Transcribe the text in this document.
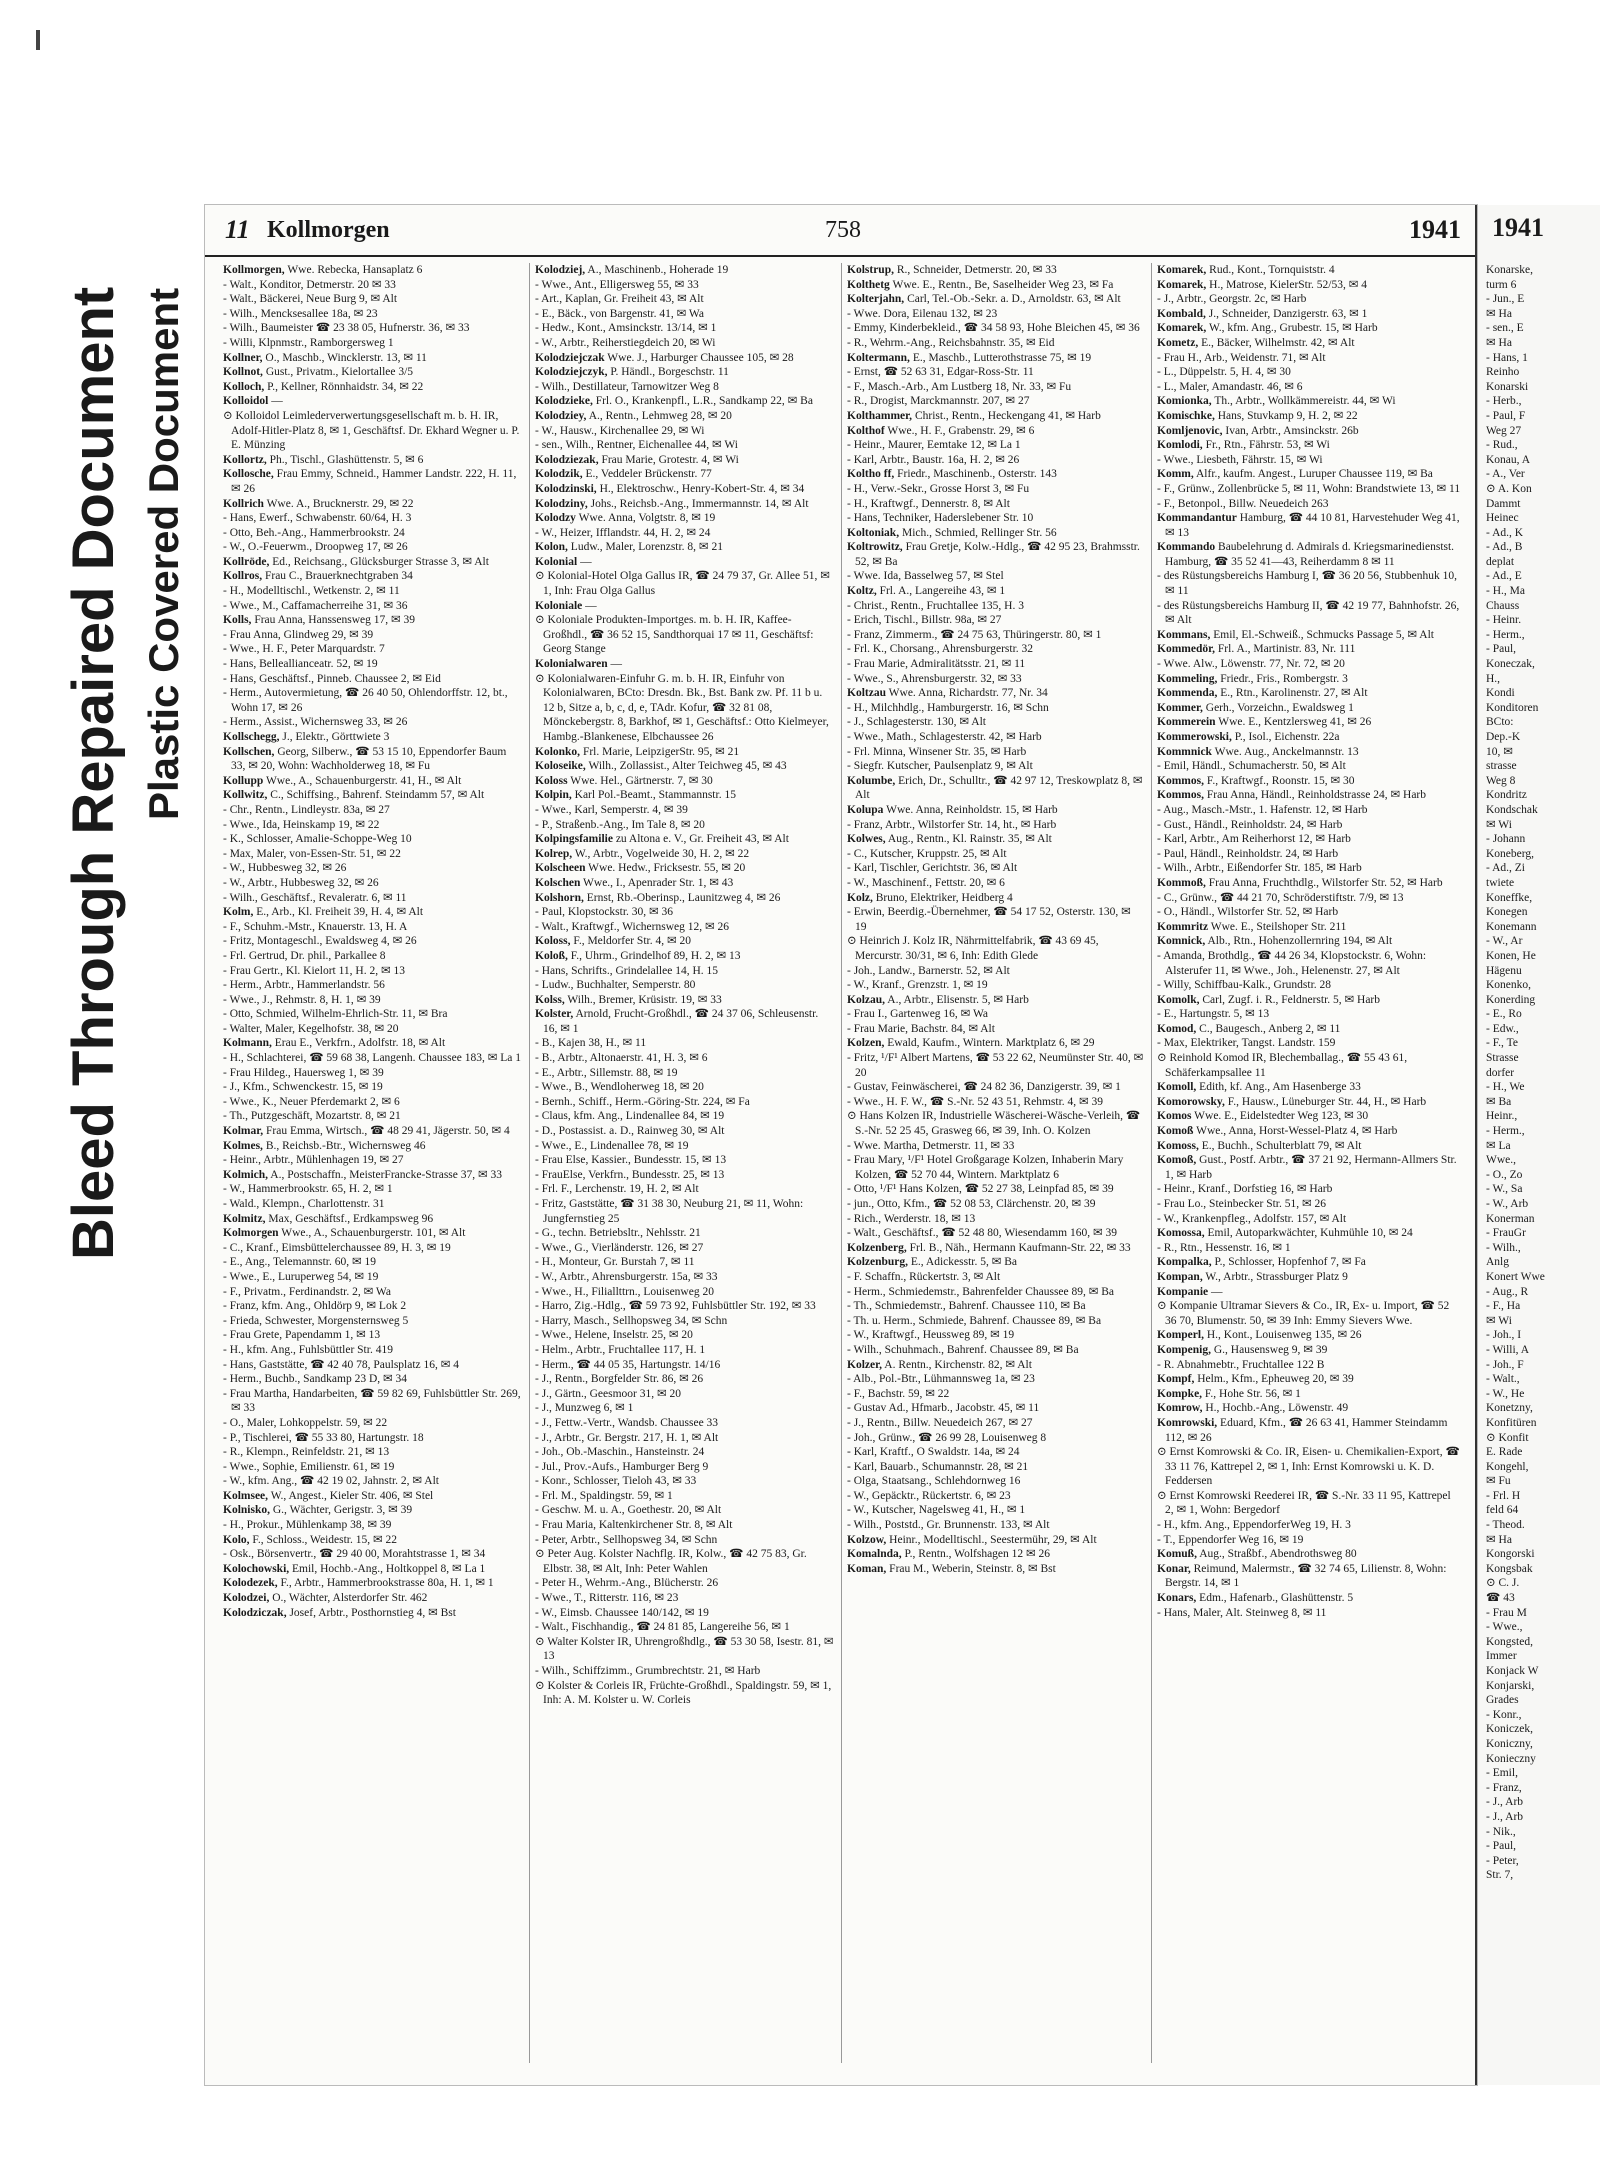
Bleed Through Repaired Document Plastic Covered Document
11 Kollmorgen	758	1941
Kollmorgen, Wwe. Rebecka, Hansaplatz 6
- Walt., Konditor, Detmerstr. 20 ✉ 33
- Walt., Bäckerei, Neue Burg 9, ✉ Alt
- Wilh., Mencksesallee 18a, ✉ 23
- Wilh., Baumeister ☎ 23 38 05, Hufnerstr. 36, ✉ 33
- Willi, Klpnmstr., Ramborgersweg 1
Kollner, O., Maschb., Wincklerstr. 13, ✉ 11
Kollnot, Gust., Privatm., Kielortallee 3/5
Kolloch, P., Kellner, Rönnhaidstr. 34, ✉ 22
Kolloidol —
⊙ Kolloidol Leimlederverwertungsgesellschaft m. b. H. IR, Adolf-Hitler-Platz 8, ✉ 1, Geschäftsf. Dr. Ekhard Wegner u. P. E. Münzing
Kollortz, Ph., Tischl., Glashüttenstr. 5, ✉ 6
Kollosche, Frau Emmy, Schneid., Hammer Landstr. 222, H. 11, ✉ 26
Kollrich Wwe. A., Brucknerstr. 29, ✉ 22
- Hans, Ewerf., Schwabenstr. 60/64, H. 3
- Otto, Beh.-Ang., Hammerbrookstr. 24
- W., O.-Feuerwm., Droopweg 17, ✉ 26
Kollröde, Ed., Reichsang., Glücksburger Strasse 3, ✉ Alt
Kollros, Frau C., Brauerknechtgraben 34
- H., Modelltischl., Wetkenstr. 2, ✉ 11
- Wwe., M., Caffamacherreihe 31, ✉ 36
Kolls, Frau Anna, Hanssensweg 17, ✉ 39
- Frau Anna, Glindweg 29, ✉ 39
- Wwe., H. F., Peter Marquardstr. 7
- Hans, Belleallianceatr. 52, ✉ 19
- Hans, Geschäftsf., Pinneb. Chaussee 2, ✉ Eid
- Herm., Autovermietung, ☎ 26 40 50, Ohlendorffstr. 12, bt., Wohn 17, ✉ 26
- Herm., Assist., Wichernsweg 33, ✉ 26
Kollschegg, J., Elektr., Görttwiete 3
Kollschen, Georg, Silberw., ☎ 53 15 10, Eppendorfer Baum 33, ✉ 20, Wohn: Wachholderweg 18, ✉ Fu
Kollupp Wwe., A., Schauenburgerstr. 41, H., ✉ Alt
Kollwitz, C., Schiffsing., Bahrenf. Steindamm 57, ✉ Alt
- Chr., Rentn., Lindleystr. 83a, ✉ 27
- Wwe., Ida, Heinskamp 19, ✉ 22
- K., Schlosser, Amalie-Schoppe-Weg 10
- Max, Maler, von-Essen-Str. 51, ✉ 22
- W., Hubbesweg 32, ✉ 26
- W., Arbtr., Hubbesweg 32, ✉ 26
- Wilh., Geschäftsf., Revaleratr. 6, ✉ 11
Kolm, E., Arb., Kl. Freiheit 39, H. 4, ✉ Alt
- F., Schuhm.-Mstr., Knauerstr. 13, H. A
- Fritz, Montageschl., Ewaldsweg 4, ✉ 26
- Frl. Gertrud, Dr. phil., Parkallee 8
- Frau Gertr., Kl. Kielort 11, H. 2, ✉ 13
- Herm., Arbtr., Hammerlandstr. 56
- Wwe., J., Rehmstr. 8, H. 1, ✉ 39
- Otto, Schmied, Wilhelm-Ehrlich-Str. 11, ✉ Bra
- Walter, Maler, Kegelhofstr. 38, ✉ 20
Kolmann, Erau E., Verkfrn., Adolfstr. 18, ✉ Alt
- H., Schlachterei, ☎ 59 68 38, Langenh. Chaussee 183, ✉ La 1
- Frau Hildeg., Hauersweg 1, ✉ 39
- J., Kfm., Schwenckestr. 15, ✉ 19
- Wwe., K., Neuer Pferdemarkt 2, ✉ 6
- Th., Putzgeschäft, Mozartstr. 8, ✉ 21
Kolmar, Frau Emma, Wirtsch., ☎ 48 29 41, Jägerstr. 50, ✉ 4
Kolmes, B., Reichsb.-Btr., Wichernsweg 46
- Heinr., Arbtr., Mühlenhagen 19, ✉ 27
Kolmich, A., Postschaffn., MeisterFrancke-Strasse 37, ✉ 33
- W., Hammerbrookstr. 65, H. 2, ✉ 1
- Wald., Klempn., Charlottenstr. 31
Kolmitz, Max, Geschäftsf., Erdkampsweg 96
Kolmorgen Wwe., A., Schauenburgerstr. 101, ✉ Alt
- C., Kranf., Eimsbüttelerchaussee 89, H. 3, ✉ 19
- E., Ang., Telemannstr. 60, ✉ 19
- Wwe., E., Luruperweg 54, ✉ 19
- F., Privatm., Ferdinandstr. 2, ✉ Wa
- Franz, kfm. Ang., Ohldörp 9, ✉ Lok 2
- Frieda, Schwester, Morgensternsweg 5
- Frau Grete, Papendamm 1, ✉ 13
- H., kfm. Ang., Fuhlsbüttler Str. 419
- Hans, Gaststätte, ☎ 42 40 78, Paulsplatz 16, ✉ 4
- Herm., Buchb., Sandkamp 23 D, ✉ 34
- Frau Martha, Handarbeiten, ☎ 59 82 69, Fuhlsbüttler Str. 269, ✉ 33
- O., Maler, Lohkoppelstr. 59, ✉ 22
- P., Tischlerei, ☎ 55 33 80, Hartungstr. 18
- R., Klempn., Reinfeldstr. 21, ✉ 13
- Wwe., Sophie, Emilienstr. 61, ✉ 19
- W., kfm. Ang., ☎ 42 19 02, Jahnstr. 2, ✉ Alt
Kolmsee, W., Angest., Kieler Str. 406, ✉ Stel
Kolnisko, G., Wächter, Gerigstr. 3, ✉ 39
- H., Prokur., Mühlenkamp 38, ✉ 39
Kolo, F., Schloss., Weidestr. 15, ✉ 22
- Osk., Börsenvertr., ☎ 29 40 00, Morahtstrasse 1, ✉ 34
Kolochowski, Emil, Hochb.-Ang., Holtkoppel 8, ✉ La 1
Kolodezek, F., Arbtr., Hammerbrookstrasse 80a, H. 1, ✉ 1
Kolodzei, O., Wächter, Alsterdorfer Str. 462
Kolodziczak, Josef, Arbtr., Posthornstieg 4, ✉ Bst
Kolodziej, A., Maschinenb., Hoherade 19
- Wwe., Ant., Elligersweg 55, ✉ 33
- Art., Kaplan, Gr. Freiheit 43, ✉ Alt
- E., Bäck., von Bargenstr. 41, ✉ Wa
- Hedw., Kont., Amsinckstr. 13/14, ✉ 1
- W., Arbtr., Reiherstiegdeich 20, ✉ Wi
Kolodziejczak Wwe. J., Harburger Chaussee 105, ✉ 28
Kolodziejczyk, P. Händl., Borgeschstr. 11
- Wilh., Destillateur, Tarnowitzer Weg 8
Kolodzieke, Frl. O., Krankenpfl., L.R., Sandkamp 22, ✉ Ba
Kolodziey, A., Rentn., Lehmweg 28, ✉ 20
- W., Hausw., Kirchenallee 29, ✉ Wi
- sen., Wilh., Rentner, Eichenallee 44, ✉ Wi
Kolodziezak, Frau Marie, Grotestr. 4, ✉ Wi
Kolodzik, E., Veddeler Brückenstr. 77
Kolodzinski, H., Elektroschw., Henry-Kobert-Str. 4, ✉ 34
Kolodziny, Johs., Reichsb.-Ang., Immermannstr. 14, ✉ Alt
Kolodzy Wwe. Anna, Volgtstr. 8, ✉ 19
- W., Heizer, Ifflandstr. 44, H. 2, ✉ 24
Kolon, Ludw., Maler, Lorenzstr. 8, ✉ 21
Kolonial —
⊙ Kolonial-Hotel Olga Gallus IR, ☎ 24 79 37, Gr. Allee 51, ✉ 1, Inh: Frau Olga Gallus
Koloniale —
⊙ Koloniale Produkten-Importges. m. b. H. IR, Kaffee-Großhdl., ☎ 36 52 15, Sandthorquai 17 ✉ 11, Geschäftsf: Georg Stange
Kolonialwaren —
⊙ Kolonialwaren-Einfuhr G. m. b. H. IR, Einfuhr von Kolonialwaren, BCto: Dresdn. Bk., Bst. Bank zw. Pf. 11 b u. 12 b, Sitze a, b, c, d, e, TAdr. Kofur, ☎ 32 81 08, Mönckebergstr. 8, Barkhof, ✉ 1, Geschäftsf.: Otto Kielmeyer, Hambg.-Blankenese, Elbchaussee 26
Kolonko, Frl. Marie, LeipzigerStr. 95, ✉ 21
Koloseike, Wilh., Zollassist., Alter Teichweg 45, ✉ 43
Koloss Wwe. Hel., Gärtnerstr. 7, ✉ 30
Kolpin, Karl Pol.-Beamt., Stammannstr. 15
- Wwe., Karl, Semperstr. 4, ✉ 39
- P., Straßenb.-Ang., Im Tale 8, ✉ 20
Kolpingsfamilie zu Altona e. V., Gr. Freiheit 43, ✉ Alt
Kolrep, W., Arbtr., Vogelweide 30, H. 2, ✉ 22
Kolscheen Wwe. Hedw., Fricksestr. 55, ✉ 20
Kolschen Wwe., I., Apenrader Str. 1, ✉ 43
Kolshorn, Ernst, Rb.-Oberinsp., Launitzweg 4, ✉ 26
- Paul, Klopstockstr. 30, ✉ 36
- Walt., Kraftwgf., Wichernsweg 12, ✉ 26
Koloss, F., Meldorfer Str. 4, ✉ 20
Koloß, F., Uhrm., Grindelhof 89, H. 2, ✉ 13
- Hans, Schrifts., Grindelallee 14, H. 15
- Ludw., Buchhalter, Semperstr. 80
Kolss, Wilh., Bremer, Krüsistr. 19, ✉ 33
Kolster, Arnold, Frucht-Großhdl., ☎ 24 37 06, Schleusenstr. 16, ✉ 1
- B., Kajen 38, H., ✉ 11
- B., Arbtr., Altonaerstr. 41, H. 3, ✉ 6
- E., Arbtr., Sillemstr. 88, ✉ 19
- Wwe., B., Wendloherweg 18, ✉ 20
- Bernh., Schiff., Herm.-Göring-Str. 224, ✉ Fa
- Claus, kfm. Ang., Lindenallee 84, ✉ 19
- D., Postassist. a. D., Rainweg 30, ✉ Alt
- Wwe., E., Lindenallee 78, ✉ 19
- Frau Else, Kassier., Bundesstr. 15, ✉ 13
- FrauElse, Verkfrn., Bundesstr. 25, ✉ 13
- Frl. F., Lerchenstr. 19, H. 2, ✉ Alt
- Fritz, Gaststätte, ☎ 31 38 30, Neuburg 21, ✉ 11, Wohn: Jungfernstieg 25
- G., techn. Betriebsltr., Nehlsstr. 21
- Wwe., G., Vierländerstr. 126, ✉ 27
- H., Monteur, Gr. Burstah 7, ✉ 11
- W., Arbtr., Ahrensburgerstr. 15a, ✉ 33
- Wwe., H., Filiallttrn., Louisenweg 20
- Harro, Zig.-Hdlg., ☎ 59 73 92, Fuhlsbüttler Str. 192, ✉ 33
- Harry, Masch., Sellhopsweg 34, ✉ Schn
- Wwe., Helene, Inselstr. 25, ✉ 20
- Helm., Arbtr., Fruchtallee 117, H. 1
- Herm., ☎ 44 05 35, Hartungstr. 14/16
- J., Rentn., Borgfelder Str. 86, ✉ 26
- J., Gärtn., Geesmoor 31, ✉ 20
- J., Munzweg 6, ✉ 1
- J., Fettw.-Vertr., Wandsb. Chaussee 33
- J., Arbtr., Gr. Bergstr. 217, H. 1, ✉ Alt
- Joh., Ob.-Maschin., Hansteinstr. 24
- Jul., Prov.-Aufs., Hamburger Berg 9
- Konr., Schlosser, Tieloh 43, ✉ 33
- Frl. M., Spaldingstr. 59, ✉ 1
- Geschw. M. u. A., Goethestr. 20, ✉ Alt
- Frau Maria, Kaltenkirchener Str. 8, ✉ Alt
- Peter, Arbtr., Sellhopsweg 34, ✉ Schn
⊙ Peter Aug. Kolster Nachflg. IR, Kolw., ☎ 42 75 83, Gr. Elbstr. 38, ✉ Alt, Inh: Peter Wahlen
- Peter H., Wehrm.-Ang., Blücherstr. 26
- Wwe., T., Ritterstr. 116, ✉ 23
- W., Eimsb. Chaussee 140/142, ✉ 19
- Walt., Fischhandig., ☎ 24 81 85, Langereihe 56, ✉ 1
⊙ Walter Kolster IR, Uhrengroßhdlg., ☎ 53 30 58, Isestr. 81, ✉ 13
- Wilh., Schiffzimm., Grumbrechtstr. 21, ✉ Harb
⊙ Kolster & Corleis IR, Früchte-Großhdl., Spaldingstr. 59, ✉ 1, Inh: A. M. Kolster u. W. Corleis
Kolstrup, R., Schneider, Detmerstr. 20, ✉ 33
Kolthetg Wwe. E., Rentn., Be, Saselheider Weg 23, ✉ Fa
Kolterjahn, Carl, Tel.-Ob.-Sekr. a. D., Arnoldstr. 63, ✉ Alt
- Wwe. Dora, Eilenau 132, ✉ 23
- Emmy, Kinderbekleid., ☎ 34 58 93, Hohe Bleichen 45, ✉ 36
- R., Wehrm.-Ang., Reichsbahnstr. 35, ✉ Eid
Koltermann, E., Maschb., Lutterothstrasse 75, ✉ 19
- Ernst, ☎ 52 63 31, Edgar-Ross-Str. 11
- F., Masch.-Arb., Am Lustberg 18, Nr. 33, ✉ Fu
- R., Drogist, Marckmannstr. 207, ✉ 27
Kolthammer, Christ., Rentn., Heckengang 41, ✉ Harb
Kolthof Wwe., H. F., Grabenstr. 29, ✉ 6
- Heinr., Maurer, Eemtake 12, ✉ La 1
- Karl, Arbtr., Baustr. 16a, H. 2, ✉ 26
Koltho ff, Friedr., Maschinenb., Osterstr. 143
- H., Verw.-Sekr., Grosse Horst 3, ✉ Fu
- H., Kraftwgf., Dennerstr. 8, ✉ Alt
- Hans, Techniker, Haderslebener Str. 10
Koltoniak, Mich., Schmied, Rellinger Str. 56
Koltrowitz, Frau Gretje, Kolw.-Hdlg., ☎ 42 95 23, Brahmsstr. 52, ✉ Ba
- Wwe. Ida, Basselweg 57, ✉ Stel
Koltz, Frl. A., Langereihe 43, ✉ 1
- Christ., Rentn., Fruchtallee 135, H. 3
- Erich, Tischl., Billstr. 98a, ✉ 27
- Franz, Zimmerm., ☎ 24 75 63, Thüringerstr. 80, ✉ 1
- Frl. K., Chorsang., Ahrensburgerstr. 32
- Frau Marie, Admiralitätsstr. 21, ✉ 11
- Wwe., S., Ahrensburgerstr. 32, ✉ 33
Koltzau Wwe. Anna, Richardstr. 77, Nr. 34
- H., Milchhdlg., Hamburgerstr. 16, ✉ Schn
- J., Schlagesterstr. 130, ✉ Alt
- Wwe., Math., Schlagesterstr. 42, ✉ Harb
- Frl. Minna, Winsener Str. 35, ✉ Harb
- Siegfr. Kutscher, Paulsenplatz 9, ✉ Alt
Kolumbe, Erich, Dr., Schulltr., ☎ 42 97 12, Treskowplatz 8, ✉ Alt
Kolupa Wwe. Anna, Reinholdstr. 15, ✉ Harb
- Franz, Arbtr., Wilstorfer Str. 14, ht., ✉ Harb
Kolwes, Aug., Rentn., Kl. Rainstr. 35, ✉ Alt
- C., Kutscher, Kruppstr. 25, ✉ Alt
- Karl, Tischler, Gerichtstr. 36, ✉ Alt
- W., Maschinenf., Fettstr. 20, ✉ 6
Kolz, Bruno, Elektriker, Heidberg 4
- Erwin, Beerdig.-Übernehmer, ☎ 54 17 52, Osterstr. 130, ✉ 19
⊙ Heinrich J. Kolz IR, Nährmittelfabrik, ☎ 43 69 45, Mercurstr. 30/31, ✉ 6, Inh: Edith Glede
- Joh., Landw., Barnerstr. 52, ✉ Alt
- W., Kranf., Grenzstr. 1, ✉ 19
Kolzau, A., Arbtr., Elisenstr. 5, ✉ Harb
- Frau I., Gartenweg 16, ✉ Wa
- Frau Marie, Bachstr. 84, ✉ Alt
Kolzen, Ewald, Kaufm., Wintern. Marktplatz 6, ✉ 29
- Fritz, ¹/F¹ Albert Martens, ☎ 53 22 62, Neumünster Str. 40, ✉ 20
- Gustav, Feinwäscherei, ☎ 24 82 36, Danzigerstr. 39, ✉ 1
- Wwe., H. F. W., ☎ S.-Nr. 52 43 51, Rehmstr. 4, ✉ 39
⊙ Hans Kolzen IR, Industrielle Wäscherei-Wäsche-Verleih, ☎ S.-Nr. 52 25 45, Grasweg 66, ✉ 39, Inh. O. Kolzen
- Wwe. Martha, Detmerstr. 11, ✉ 33
- Frau Mary, ¹/F¹ Hotel Großgarage Kolzen, Inhaberin Mary Kolzen, ☎ 52 70 44, Wintern. Marktplatz 6
- Otto, ¹/F¹ Hans Kolzen, ☎ 52 27 38, Leinpfad 85, ✉ 39
- jun., Otto, Kfm., ☎ 52 08 53, Clärchenstr. 20, ✉ 39
- Rich., Werderstr. 18, ✉ 13
- Walt., Geschäftsf., ☎ 52 48 80, Wiesendamm 160, ✉ 39
Kolzenberg, Frl. B., Näh., Hermann Kaufmann-Str. 22, ✉ 33
Kolzenburg, E., Adickesstr. 5, ✉ Ba
- F. Schaffn., Rückertstr. 3, ✉ Alt
- Herm., Schmiedemstr., Bahrenfelder Chaussee 89, ✉ Ba
- Th., Schmiedemstr., Bahrenf. Chaussee 110, ✉ Ba
- Th. u. Herm., Schmiede, Bahrenf. Chaussee 89, ✉ Ba
- W., Kraftwgf., Heussweg 89, ✉ 19
- Wilh., Schuhmach., Bahrenf. Chaussee 89, ✉ Ba
Kolzer, A. Rentn., Kirchenstr. 82, ✉ Alt
- Alb., Pol.-Btr., Lühmannsweg 1a, ✉ 23
- F., Bachstr. 59, ✉ 22
- Gustav Ad., Hfmarb., Jacobstr. 45, ✉ 11
- J., Rentn., Billw. Neuedeich 267, ✉ 27
- Joh., Grünw., ☎ 26 99 28, Louisenweg 8
- Karl, Kraftf., O Swaldstr. 14a, ✉ 24
- Karl, Bauarb., Schumannstr. 28, ✉ 21
- Olga, Staatsang., Schlehdornweg 16
- W., Gepäcktr., Rückertstr. 6, ✉ 23
- W., Kutscher, Nagelsweg 41, H., ✉ 1
- Wilh., Poststd., Gr. Brunnenstr. 133, ✉ Alt
Kolzow, Heinr., Modelltischl., Seestermühr, 29, ✉ Alt
Komalnda, P., Rentn., Wolfshagen 12 ✉ 26
Koman, Frau M., Weberin, Steinstr. 8, ✉ Bst
Komarek, Rud., Kont., Tornquiststr. 4
Komarek, H., Matrose, KielerStr. 52/53, ✉ 4
- J., Arbtr., Georgstr. 2c, ✉ Harb
Kombald, J., Schneider, Danzigerstr. 63, ✉ 1
Komarek, W., kfm. Ang., Grubestr. 15, ✉ Harb
Kometz, E., Bäcker, Wilhelmstr. 42, ✉ Alt
- Frau H., Arb., Weidenstr. 71, ✉ Alt
- L., Düppelstr. 5, H. 4, ✉ 30
- L., Maler, Amandastr. 46, ✉ 6
Komionka, Th., Arbtr., Wollkämmereistr. 44, ✉ Wi
Komischke, Hans, Stuvkamp 9, H. 2, ✉ 22
Komljenovic, Ivan, Arbtr., Amsinckstr. 26b
Komlodi, Fr., Rtn., Fährstr. 53, ✉ Wi
- Wwe., Liesbeth, Fährstr. 15, ✉ Wi
Komm, Alfr., kaufm. Angest., Luruper Chaussee 119, ✉ Ba
- F., Grünw., Zollenbrücke 5, ✉ 11, Wohn: Brandstwiete 13, ✉ 11
- F., Betonpol., Billw. Neuedeich 263
Kommandantur Hamburg, ☎ 44 10 81, Harvestehuder Weg 41, ✉ 13
Kommando Baubelehrung d. Admirals d. Kriegsmarinedienstst. Hamburg, ☎ 35 52 41—43, Reiherdamm 8 ✉ 11
- des Rüstungsbereichs Hamburg I, ☎ 36 20 56, Stubbenhuk 10, ✉ 11
- des Rüstungsbereichs Hamburg II, ☎ 42 19 77, Bahnhofstr. 26, ✉ Alt
Kommans, Emil, El.-Schweiß., Schmucks Passage 5, ✉ Alt
Kommedör, Frl. A., Martinistr. 83, Nr. 111
- Wwe. Alw., Löwenstr. 77, Nr. 72, ✉ 20
Kommeling, Friedr., Fris., Rombergstr. 3
Kommenda, E., Rtn., Karolinenstr. 27, ✉ Alt
Kommer, Gerh., Vorzeichn., Ewaldsweg 1
Kommerein Wwe. E., Kentzlersweg 41, ✉ 26
Kommerowski, P., Isol., Eichenstr. 22a
Kommnick Wwe. Aug., Anckelmannstr. 13
- Emil, Händl., Schumacherstr. 50, ✉ Alt
Kommos, F., Kraftwgf., Roonstr. 15, ✉ 30
Kommos, Frau Anna, Händl., Reinholdstrasse 24, ✉ Harb
- Aug., Masch.-Mstr., 1. Hafenstr. 12, ✉ Harb
- Gust., Händl., Reinholdstr. 24, ✉ Harb
- Karl, Arbtr., Am Reiherhorst 12, ✉ Harb
- Paul, Händl., Reinholdstr. 24, ✉ Harb
- Wilh., Arbtr., Eißendorfer Str. 185, ✉ Harb
Kommoß, Frau Anna, Fruchthdlg., Wilstorfer Str. 52, ✉ Harb
- C., Grünw., ☎ 44 21 70, Schröderstiftstr. 7/9, ✉ 13
- O., Händl., Wilstorfer Str. 52, ✉ Harb
Kommritz Wwe. E., Steilshoper Str. 211
Komnick, Alb., Rtn., Hohenzollernring 194, ✉ Alt
- Amanda, Brothdlg., ☎ 44 26 34, Klopstockstr. 6, Wohn: Alsterufer 11, ✉ Wwe., Joh., Helenenstr. 27, ✉ Alt
- Willy, Schiffbau-Kalk., Grundstr. 28
Komolk, Carl, Zugf. i. R., Feldnerstr. 5, ✉ Harb
- E., Hartungstr. 5, ✉ 13
Komod, C., Baugesch., Anberg 2, ✉ 11
- Max, Elektriker, Tangst. Landstr. 159
⊙ Reinhold Komod IR, Blechemballag., ☎ 55 43 61, Schäferkampsallee 11
Komoll, Edith, kf. Ang., Am Hasenberge 33
Komorowsky, F., Hausw., Lüneburger Str. 44, H., ✉ Harb
Komos Wwe. E., Eidelstedter Weg 123, ✉ 30
Komoß Wwe., Anna, Horst-Wessel-Platz 4, ✉ Harb
Komoss, E., Buchh., Schulterblatt 79, ✉ Alt
Komoß, Gust., Postf. Arbtr., ☎ 37 21 92, Hermann-Allmers Str. 1, ✉ Harb
- Heinr., Kranf., Dorfstieg 16, ✉ Harb
- Frau Lo., Steinbecker Str. 51, ✉ 26
- W., Krankenpfleg., Adolfstr. 157, ✉ Alt
Komossa, Emil, Autoparkwächter, Kuhmühle 10, ✉ 24
- R., Rtn., Hessenstr. 16, ✉ 1
Kompalka, P., Schlosser, Hopfenhof 7, ✉ Fa
Kompan, W., Arbtr., Strassburger Platz 9
Kompanie —
⊙ Kompanie Ultramar Sievers & Co., IR, Ex- u. Import, ☎ 52 36 70, Blumenstr. 50, ✉ 39 Inh: Emmy Sievers Wwe.
Komperl, H., Kont., Louisenweg 135, ✉ 26
Kompenig, G., Hausensweg 9, ✉ 39
- R. Abnahmebtr., Fruchtallee 122 B
Kompf, Helm., Kfm., Epheuweg 20, ✉ 39
Kompke, F., Hohe Str. 56, ✉ 1
Komrow, H., Hochb.-Ang., Löwenstr. 49
Komrowski, Eduard, Kfm., ☎ 26 63 41, Hammer Steindamm 112, ✉ 26
⊙ Ernst Komrowski & Co. IR, Eisen- u. Chemikalien-Export, ☎ 33 11 76, Kattrepel 2, ✉ 1, Inh: Ernst Komrowski u. K. D. Feddersen
⊙ Ernst Komrowski Reederei IR, ☎ S.-Nr. 33 11 95, Kattrepel 2, ✉ 1, Wohn: Bergedorf
- H., kfm. Ang., EppendorferWeg 19, H. 3
- T., Eppendorfer Weg 16, ✉ 19
Komuß, Aug., Straßbf., Abendrothsweg 80
Konar, Reimund, Malermstr., ☎ 32 74 65, Lilienstr. 8, Wohn: Bergstr. 14, ✉ 1
Konars, Edm., Hafenarb., Glashüttenstr. 5
- Hans, Maler, Alt. Steinweg 8, ✉ 11
1941
Konarske,
turm 6
- Jun., E
✉ Ha
- sen., E
✉ Ha
- Hans, 1
Reinho
Konarski
- Herb.,
- Paul, F
Weg 27
- Rud.,
Konau, A
- A., Ver
⊙ A. Kon
Dammt
Heinec
- Ad., K
- Ad., B
deplat
- Ad., E
- H., Ma
Chauss
- Heinr.
- Herm.,
- Paul,
Koneczak,
H.,
Kondi
Konditoren
BCto:
Dep.-K
10, ✉
strasse
Weg 8
Kondritz
Kondschak
✉ Wi
- Johann
Koneberg,
- Ad., Zi
twiete
Koneffke,
Konegen
Konemann
- W., Ar
Konen, He
Hägenu
Konenko,
Konerding
- E., Ro
- Edw.,
- F., Te
Strasse
dorfer
- H., We
✉ Ba
Heinr.,
- Herm.,
✉ La
Wwe.,
- O., Zo
- W., Sa
- W., Arb
Konerman
- FrauGr
- Wilh.,
Anlg
Konert Wwe
- Aug., R
- F., Ha
✉ Wi
- Joh., I
- Willi, A
- Joh., F
- Walt.,
- W., He
Konetzny,
Konfitüren
⊙ Konfit
E. Rade
Kongehl,
✉ Fu
- Frl. H
feld 64
- Theod.
✉ Ha
Kongorski
Kongsbak
⊙ C. J.
☎ 43
- Frau M
- Wwe.,
Kongsted,
Immer
Konjack W
Konjarski,
Grades
- Konr.,
Koniczek,
Koniczny,
Konieczny
- Emil,
- Franz,
- J., Arb
- J., Arb
- Nik.,
- Paul,
- Peter,
Str. 7,
